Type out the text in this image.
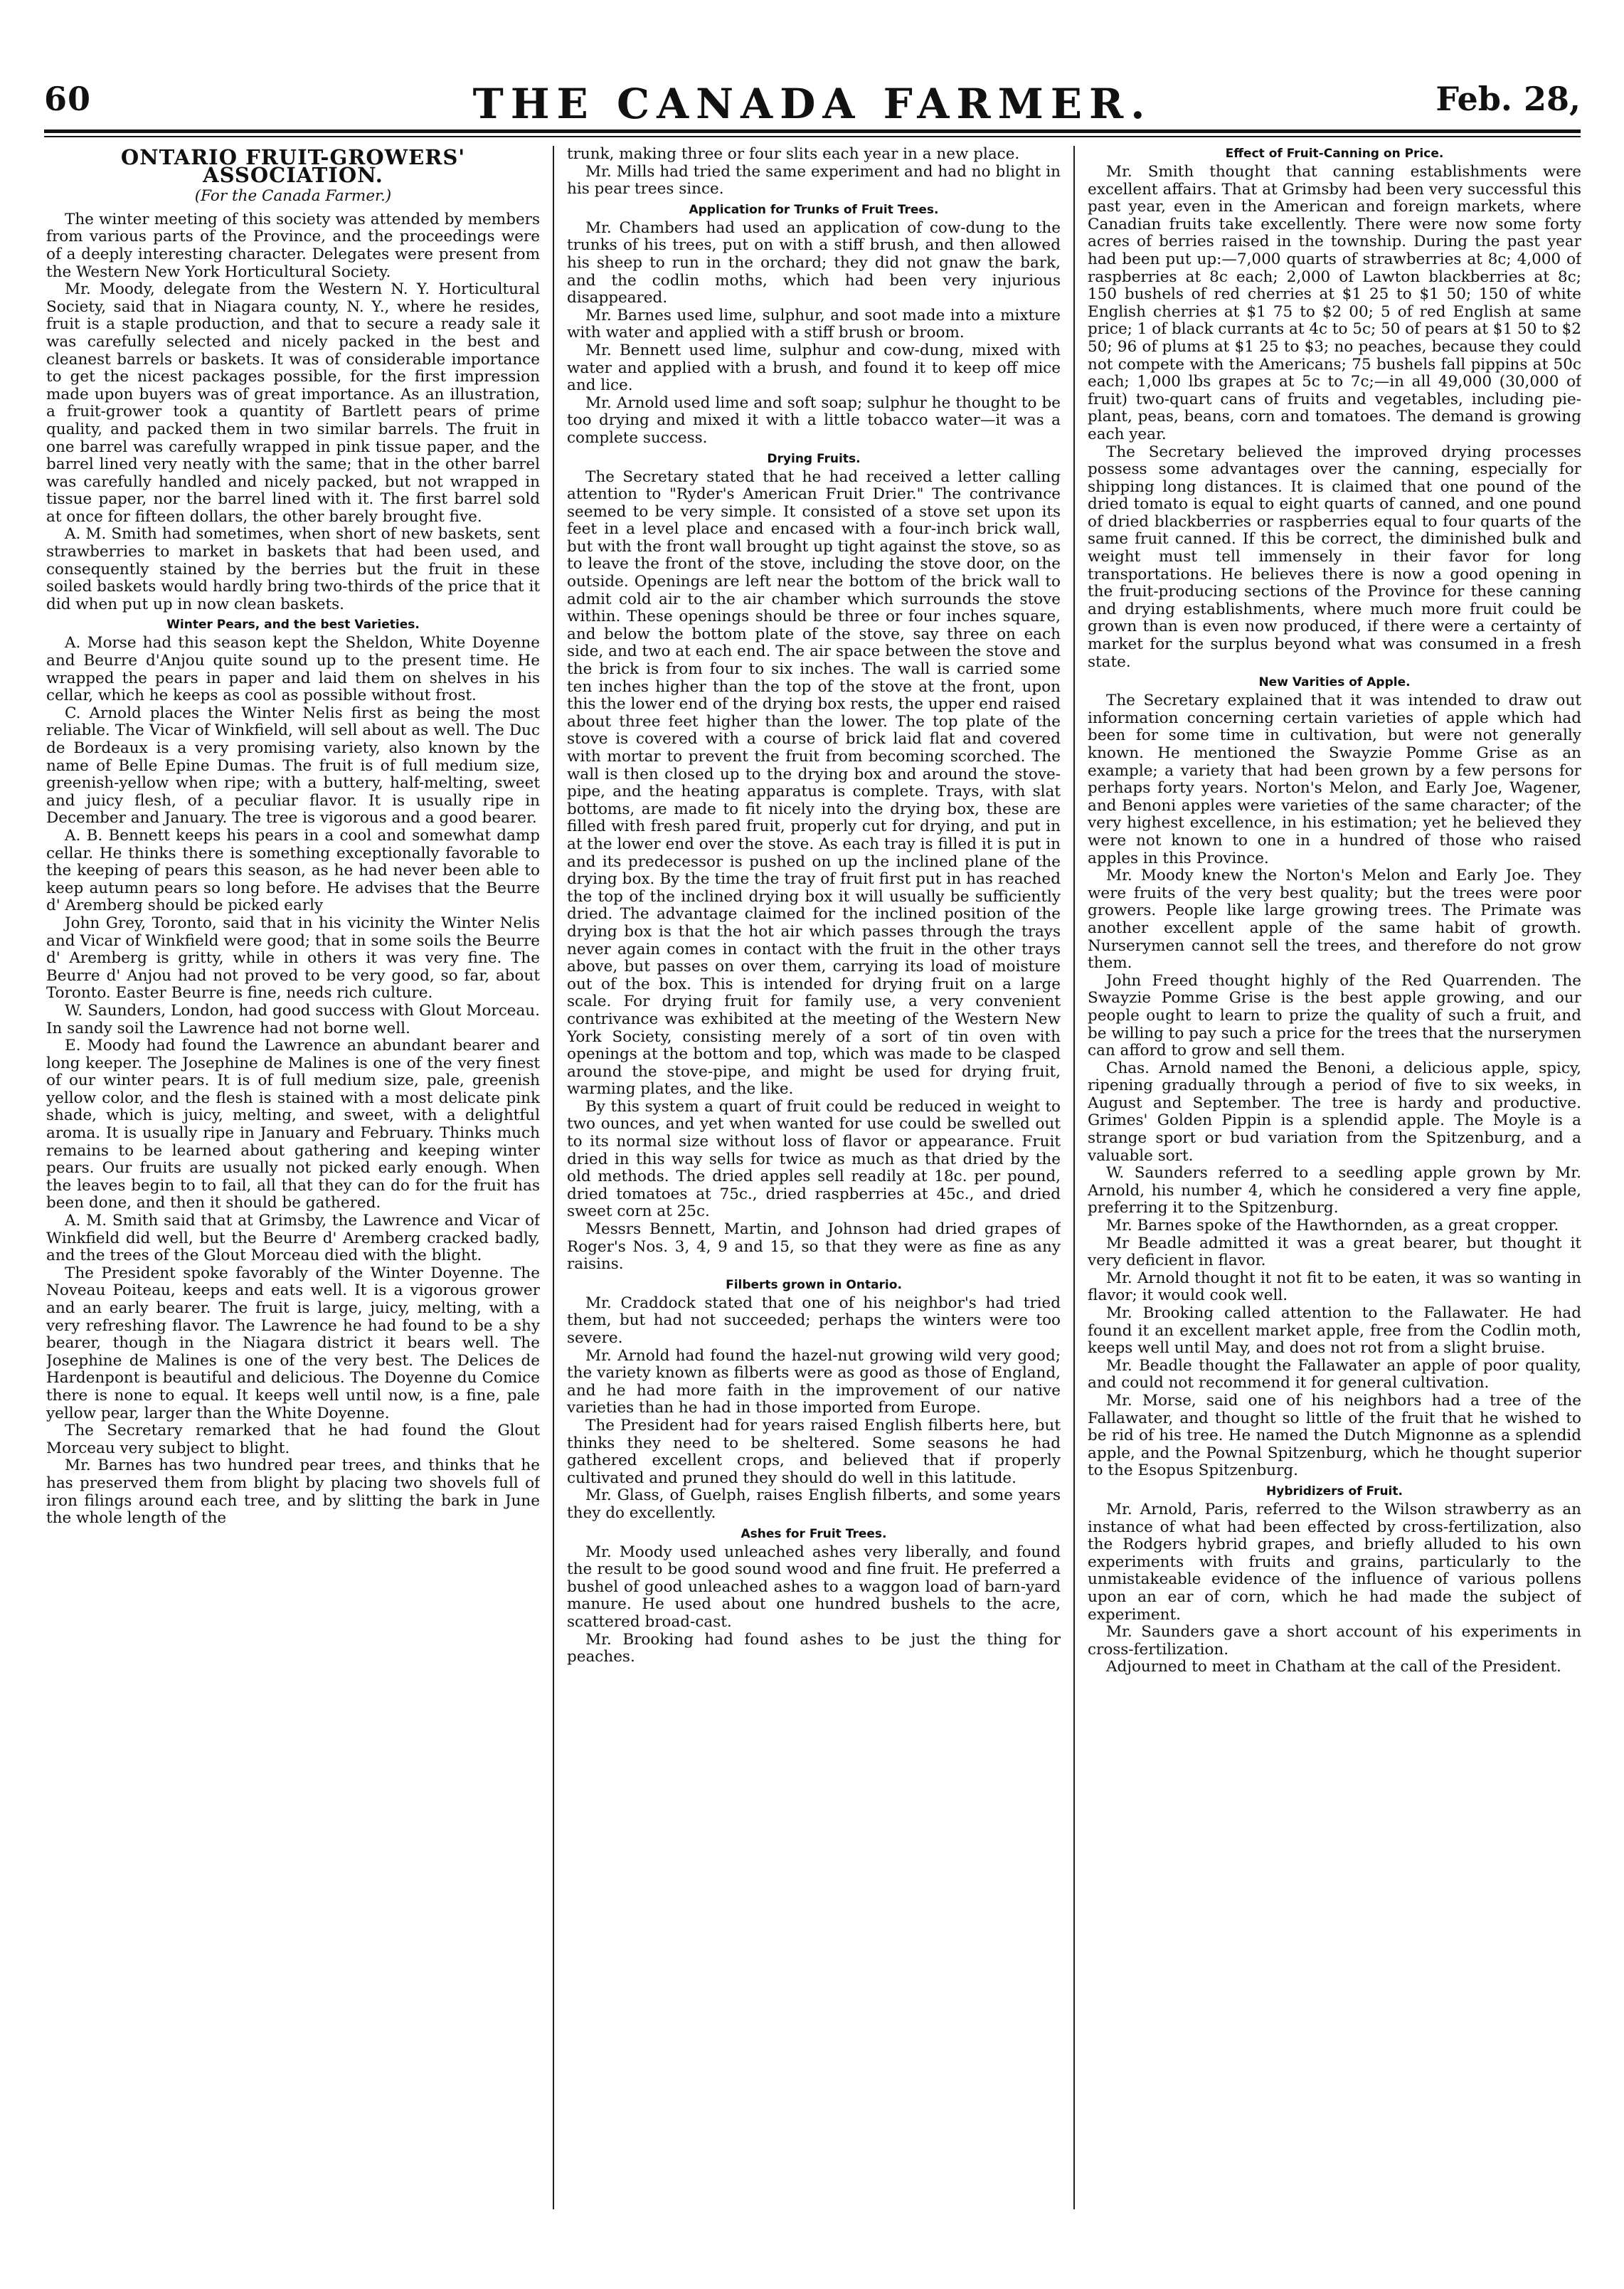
60	THE CANADA FARMER.	Feb. 28,
ONTARIO FRUIT-GROWERS' ASSOCIATION.
(For the Canada Farmer.)

The winter meeting of this society was attended by members from various parts of the Province, and the proceedings were of a deeply interesting character. Delegates were present from the Western New York Horticultural Society.

Mr. Moody, delegate from the Western N. Y. Horticultural Society, said that in Niagara county, N. Y., where he resides, fruit is a staple production, and that to secure a ready sale it was carefully selected and nicely packed in the best and cleanest barrels or baskets. It was of considerable importance to get the nicest packages possible, for the first impression made upon buyers was of great importance. As an illustration, a fruit-grower took a quantity of Bartlett pears of prime quality, and packed them in two similar barrels. The fruit in one barrel was carefully wrapped in pink tissue paper, and the barrel lined very neatly with the same; that in the other barrel was carefully handled and nicely packed, but not wrapped in tissue paper, nor the barrel lined with it. The first barrel sold at once for fifteen dollars, the other barely brought five.

A. M. Smith had sometimes, when short of new baskets, sent strawberries to market in baskets that had been used, and consequently stained by the berries but the fruit in these soiled baskets would hardly bring two-thirds of the price that it did when put up in now clean baskets.

Winter Pears, and the best Varieties.

A. Morse had this season kept the Sheldon, White Doyenne and Beurre d'Anjou quite sound up to the present time. He wrapped the pears in paper and laid them on shelves in his cellar, which he keeps as cool as possible without frost.

C. Arnold places the Winter Nelis first as being the most reliable. The Vicar of Winkfield, will sell about as well. The Duc de Bordeaux is a very promising variety, also known by the name of Belle Epine Dumas. The fruit is of full medium size, greenish-yellow when ripe; with a buttery, half-melting, sweet and juicy flesh, of a peculiar flavor. It is usually ripe in December and January. The tree is vigorous and a good bearer.

A. B. Bennett keeps his pears in a cool and somewhat damp cellar. He thinks there is something exceptionally favorable to the keeping of pears this season, as he had never been able to keep autumn pears so long before. He advises that the Beurre d' Aremberg should be picked early

John Grey, Toronto, said that in his vicinity the Winter Nelis and Vicar of Winkfield were good; that in some soils the Beurre d' Aremberg is gritty, while in others it was very fine. The Beurre d' Anjou had not proved to be very good, so far, about Toronto. Easter Beurre is fine, needs rich culture.

W. Saunders, London, had good success with Glout Morceau. In sandy soil the Lawrence had not borne well.

E. Moody had found the Lawrence an abundant bearer and long keeper. The Josephine de Malines is one of the very finest of our winter pears. It is of full medium size, pale, greenish yellow color, and the flesh is stained with a most delicate pink shade, which is juicy, melting, and sweet, with a delightful aroma. It is usually ripe in January and February. Thinks much remains to be learned about gathering and keeping winter pears. Our fruits are usually not picked early enough. When the leaves begin to to fail, all that they can do for the fruit has been done, and then it should be gathered.

A. M. Smith said that at Grimsby, the Lawrence and Vicar of Winkfield did well, but the Beurre d' Aremberg cracked badly, and the trees of the Glout Morceau died with the blight.

The President spoke favorably of the Winter Doyenne. The Noveau Poiteau, keeps and eats well. It is a vigorous grower and an early bearer. The fruit is large, juicy, melting, with a very refreshing flavor. The Lawrence he had found to be a shy bearer, though in the Niagara district it bears well. The Josephine de Malines is one of the very best. The Delices de Hardenpont is beautiful and delicious. The Doyenne du Comice there is none to equal. It keeps well until now, is a fine, pale yellow pear, larger than the White Doyenne.

The Secretary remarked that he had found the Glout Morceau very subject to blight.

Mr. Barnes has two hundred pear trees, and thinks that he has preserved them from blight by placing two shovels full of iron filings around each tree, and by slitting the bark in June the whole length of the

trunk, making three or four slits each year in a new place.

Mr. Mills had tried the same experiment and had no blight in his pear trees since.

Application for Trunks of Fruit Trees.

Mr. Chambers had used an application of cow-dung to the trunks of his trees, put on with a stiff brush, and then allowed his sheep to run in the orchard; they did not gnaw the bark, and the codlin moths, which had been very injurious disappeared.

Mr. Barnes used lime, sulphur, and soot made into a mixture with water and applied with a stiff brush or broom.

Mr. Bennett used lime, sulphur and cow-dung, mixed with water and applied with a brush, and found it to keep off mice and lice.

Mr. Arnold used lime and soft soap; sulphur he thought to be too drying and mixed it with a little tobacco water—it was a complete success.

Drying Fruits.

The Secretary stated that he had received a letter calling attention to "Ryder's American Fruit Drier." The contrivance seemed to be very simple. It consisted of a stove set upon its feet in a level place and encased with a four-inch brick wall, but with the front wall brought up tight against the stove, so as to leave the front of the stove, including the stove door, on the outside. Openings are left near the bottom of the brick wall to admit cold air to the air chamber which surrounds the stove within. These openings should be three or four inches square, and below the bottom plate of the stove, say three on each side, and two at each end. The air space between the stove and the brick is from four to six inches. The wall is carried some ten inches higher than the top of the stove at the front, upon this the lower end of the drying box rests, the upper end raised about three feet higher than the lower. The top plate of the stove is covered with a course of brick laid flat and covered with mortar to prevent the fruit from becoming scorched. The wall is then closed up to the drying box and around the stove-pipe, and the heating apparatus is complete. Trays, with slat bottoms, are made to fit nicely into the drying box, these are filled with fresh pared fruit, properly cut for drying, and put in at the lower end over the stove. As each tray is filled it is put in and its predecessor is pushed on up the inclined plane of the drying box. By the time the tray of fruit first put in has reached the top of the inclined drying box it will usually be sufficiently dried. The advantage claimed for the inclined position of the drying box is that the hot air which passes through the trays never again comes in contact with the fruit in the other trays above, but passes on over them, carrying its load of moisture out of the box. This is intended for drying fruit on a large scale. For drying fruit for family use, a very convenient contrivance was exhibited at the meeting of the Western New York Society, consisting merely of a sort of tin oven with openings at the bottom and top, which was made to be clasped around the stove-pipe, and might be used for drying fruit, warming plates, and the like.

By this system a quart of fruit could be reduced in weight to two ounces, and yet when wanted for use could be swelled out to its normal size without loss of flavor or appearance. Fruit dried in this way sells for twice as much as that dried by the old methods. The dried apples sell readily at 18c. per pound, dried tomatoes at 75c., dried raspberries at 45c., and dried sweet corn at 25c.

Messrs Bennett, Martin, and Johnson had dried grapes of Roger's Nos. 3, 4, 9 and 15, so that they were as fine as any raisins.

Filberts grown in Ontario.

Mr. Craddock stated that one of his neighbor's had tried them, but had not succeeded; perhaps the winters were too severe.

Mr. Arnold had found the hazel-nut growing wild very good; the variety known as filberts were as good as those of England, and he had more faith in the improvement of our native varieties than he had in those imported from Europe.

The President had for years raised English filberts here, but thinks they need to be sheltered. Some seasons he had gathered excellent crops, and believed that if properly cultivated and pruned they should do well in this latitude.

Mr. Glass, of Guelph, raises English filberts, and some years they do excellently.

Ashes for Fruit Trees.

Mr. Moody used unleached ashes very liberally, and found the result to be good sound wood and fine fruit. He preferred a bushel of good unleached ashes to a waggon load of barn-yard manure. He used about one hundred bushels to the acre, scattered broad-cast.

Mr. Brooking had found ashes to be just the thing for peaches.

Effect of Fruit-Canning on Price.

Mr. Smith thought that canning establishments were excellent affairs. That at Grimsby had been very successful this past year, even in the American and foreign markets, where Canadian fruits take excellently. There were now some forty acres of berries raised in the township. During the past year had been put up:—7,000 quarts of strawberries at 8c; 4,000 of raspberries at 8c each; 2,000 of Lawton blackberries at 8c; 150 bushels of red cherries at $1 25 to $1 50; 150 of white English cherries at $1 75 to $2 00; 5 of red English at same price; 1 of black currants at 4c to 5c; 50 of pears at $1 50 to $2 50; 96 of plums at $1 25 to $3; no peaches, because they could not compete with the Americans; 75 bushels fall pippins at 50c each; 1,000 lbs grapes at 5c to 7c;—in all 49,000 (30,000 of fruit) two-quart cans of fruits and vegetables, including pie-plant, peas, beans, corn and tomatoes. The demand is growing each year.

The Secretary believed the improved drying processes possess some advantages over the canning, especially for shipping long distances. It is claimed that one pound of the dried tomato is equal to eight quarts of canned, and one pound of dried blackberries or raspberries equal to four quarts of the same fruit canned. If this be correct, the diminished bulk and weight must tell immensely in their favor for long transportations. He believes there is now a good opening in the fruit-producing sections of the Province for these canning and drying establishments, where much more fruit could be grown than is even now produced, if there were a certainty of market for the surplus beyond what was consumed in a fresh state.

New Varities of Apple.

The Secretary explained that it was intended to draw out information concerning certain varieties of apple which had been for some time in cultivation, but were not generally known. He mentioned the Swayzie Pomme Grise as an example; a variety that had been grown by a few persons for perhaps forty years. Norton's Melon, and Early Joe, Wagener, and Benoni apples were varieties of the same character; of the very highest excellence, in his estimation; yet he believed they were not known to one in a hundred of those who raised apples in this Province.

Mr. Moody knew the Norton's Melon and Early Joe. They were fruits of the very best quality; but the trees were poor growers. People like large growing trees. The Primate was another excellent apple of the same habit of growth. Nurserymen cannot sell the trees, and therefore do not grow them.

John Freed thought highly of the Red Quarrenden. The Swayzie Pomme Grise is the best apple growing, and our people ought to learn to prize the quality of such a fruit, and be willing to pay such a price for the trees that the nurserymen can afford to grow and sell them.

Chas. Arnold named the Benoni, a delicious apple, spicy, ripening gradually through a period of five to six weeks, in August and September. The tree is hardy and productive. Grimes' Golden Pippin is a splendid apple. The Moyle is a strange sport or bud variation from the Spitzenburg, and a valuable sort.

W. Saunders referred to a seedling apple grown by Mr. Arnold, his number 4, which he considered a very fine apple, preferring it to the Spitzenburg.

Mr. Barnes spoke of the Hawthornden, as a great cropper.

Mr Beadle admitted it was a great bearer, but thought it very deficient in flavor.

Mr. Arnold thought it not fit to be eaten, it was so wanting in flavor; it would cook well.

Mr. Brooking called attention to the Fallawater. He had found it an excellent market apple, free from the Codlin moth, keeps well until May, and does not rot from a slight bruise.

Mr. Beadle thought the Fallawater an apple of poor quality, and could not recommend it for general cultivation.

Mr. Morse, said one of his neighbors had a tree of the Fallawater, and thought so little of the fruit that he wished to be rid of his tree. He named the Dutch Mignonne as a splendid apple, and the Pownal Spitzenburg, which he thought superior to the Esopus Spitzenburg.

Hybridizers of Fruit.

Mr. Arnold, Paris, referred to the Wilson strawberry as an instance of what had been effected by cross-fertilization, also the Rodgers hybrid grapes, and briefly alluded to his own experiments with fruits and grains, particularly to the unmistakeable evidence of the influence of various pollens upon an ear of corn, which he had made the subject of experiment.

Mr. Saunders gave a short account of his experiments in cross-fertilization.

Adjourned to meet in Chatham at the call of the President.
